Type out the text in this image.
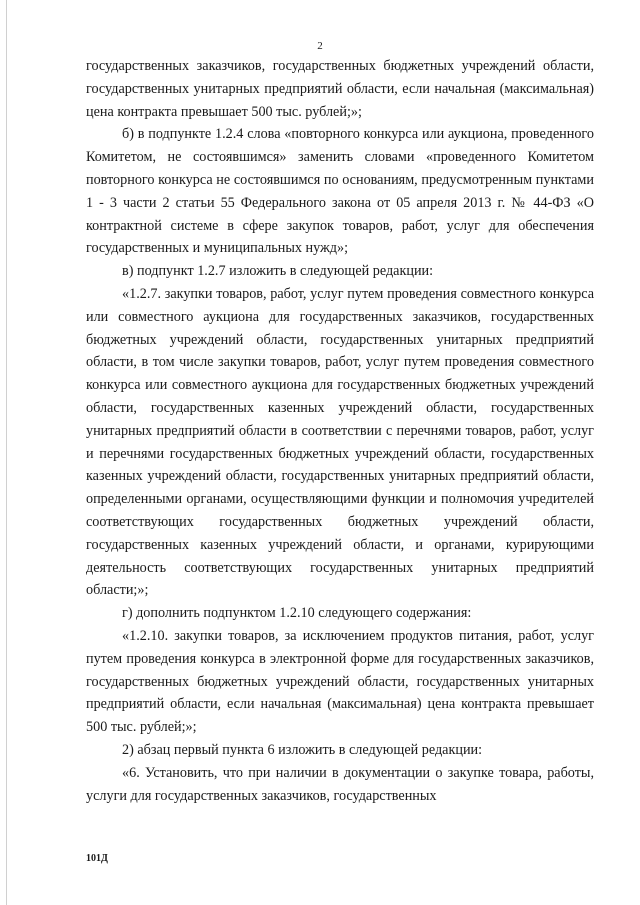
2

государственных заказчиков, государственных бюджетных учреждений области, государственных унитарных предприятий области, если начальная (максимальная) цена контракта превышает 500 тыс. рублей;»;

б) в подпункте 1.2.4 слова «повторного конкурса или аукциона, проведенного Комитетом, не состоявшимся» заменить словами «проведенного Комитетом повторного конкурса не состоявшимся по основаниям, предусмотренным пунктами 1 - 3 части 2 статьи 55 Федерального закона от 05 апреля 2013 г. № 44-ФЗ «О контрактной системе в сфере закупок товаров, работ, услуг для обеспечения государственных и муниципальных нужд»;

в) подпункт 1.2.7 изложить в следующей редакции:

«1.2.7. закупки товаров, работ, услуг путем проведения совместного конкурса или совместного аукциона для государственных заказчиков, государственных бюджетных учреждений области, государственных унитарных предприятий области, в том числе закупки товаров, работ, услуг путем проведения совместного конкурса или совместного аукциона для государственных бюджетных учреждений области, государственных казенных учреждений области, государственных унитарных предприятий области в соответствии с перечнями товаров, работ, услуг и перечнями государственных бюджетных учреждений области, государственных казенных учреждений области, государственных унитарных предприятий области, определенными органами, осуществляющими функции и полномочия учредителей соответствующих государственных бюджетных учреждений области, государственных казенных учреждений области, и органами, курирующими деятельность соответствующих государственных унитарных предприятий области;»;

г) дополнить подпунктом 1.2.10 следующего содержания:

«1.2.10. закупки товаров, за исключением продуктов питания, работ, услуг путем проведения конкурса в электронной форме для государственных заказчиков, государственных бюджетных учреждений области, государственных унитарных предприятий области, если начальная (максимальная) цена контракта превышает 500 тыс. рублей;»;

2) абзац первый пункта 6 изложить в следующей редакции:

«6. Установить, что при наличии в документации о закупке товара, работы, услуги для государственных заказчиков, государственных

101Д
